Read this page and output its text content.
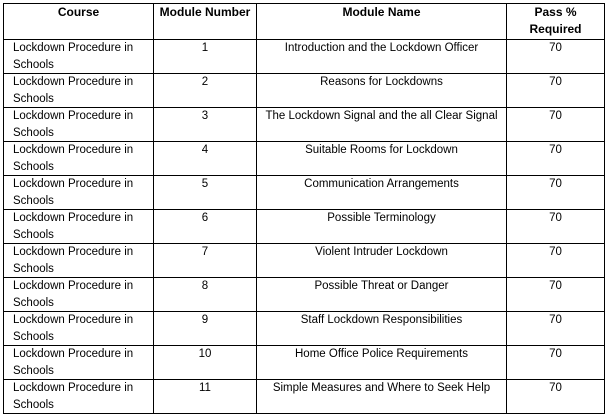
Course	Module Number	Module Name	Pass % Required
Lockdown Procedure in Schools	1	Introduction and the Lockdown Officer	70
Lockdown Procedure in Schools	2	Reasons for Lockdowns	70
Lockdown Procedure in Schools	3	The Lockdown Signal and the all Clear Signal	70
Lockdown Procedure in Schools	4	Suitable Rooms for Lockdown	70
Lockdown Procedure in Schools	5	Communication Arrangements	70
Lockdown Procedure in Schools	6	Possible Terminology	70
Lockdown Procedure in Schools	7	Violent Intruder Lockdown	70
Lockdown Procedure in Schools	8	Possible Threat or Danger	70
Lockdown Procedure in Schools	9	Staff Lockdown Responsibilities	70
Lockdown Procedure in Schools	10	Home Office Police Requirements	70
Lockdown Procedure in Schools	11	Simple Measures and Where to Seek Help	70
